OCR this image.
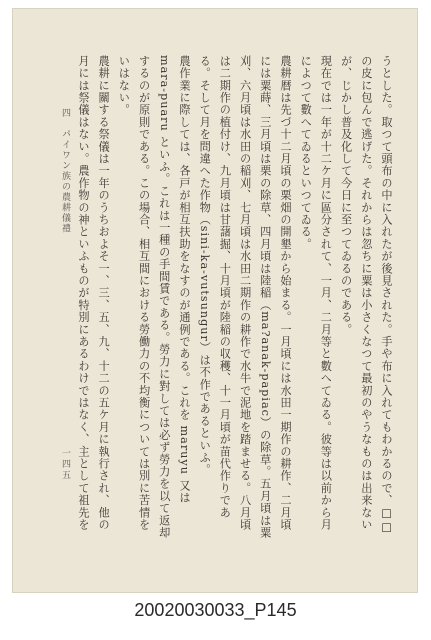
うとした。取つて頭布の中に入れたが後見された。手や布に入れてもわかるので、□□の皮に包んで逃げた。それからは忽ちに粟は小さくなつて最初のやうなものは出来ないが、じかし普及化して今日に至つてゐるのである。

現在では一年が十二ケ月に區分されて、一月、二月等と數へてゐる。彼等は以前から月によつて數へてゐるといつてゐる。

農耕暦は先づ十二月頃の栗畑の開墾から始まる。一月頃には水田一期作の耕作、二月頃には粟蒔、三月頃は栗の除草、四月頃は陸稲（ma?anak-papiac）の除草。五月頃は粟刈、六月頃は水田の稲刈、七月頃は水田二期作の耕作で水牛で泥地を踏ませる。八月頃は二期作の植付け、九月頃は甘藷掘、十月頃が陸稲の収穫、十一月頃が苗代作りである。そして月を問違へた作物（sini-ka-vutsungur）は不作であるといふ。

農作業に際しては、各戸が相互扶助をなすのが通例である。これを maruyu 又は mara-puaru といふ。これは一種の手間賃である。勞力に對しては必ず勞力を以て返却するのが原則である。この場合、相互間における勞働力の不均衡については別に苦情をいはない。

農耕に關する祭儀は一年のうちおよそ一、三、五、九、十二の五ケ月に執行され、他の月には祭儀はない。農作物の神といふものが特別にあるわけではなく、主として祖先を

四　パイワン族の農耕儀禮
一四五
20020030033_P145
